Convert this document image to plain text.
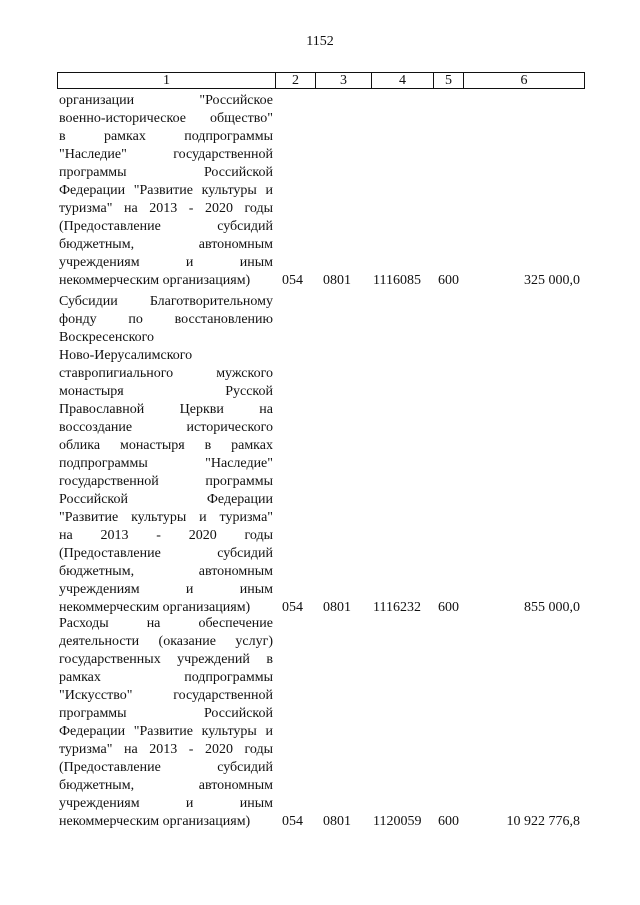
1152
1	2	3	4	5	6
организации "Российское
военно-историческое общество"
в рамках подпрограммы
"Наследие" государственной
программы Российской
Федерации "Развитие культуры и
туризма" на 2013 - 2020 годы
(Предоставление субсидий
бюджетным, автономным
учреждениям и иным
некоммерческим организациям)	054 0801 1116085 600	325 000,0
Субсидии Благотворительному
фонду по восстановлению
Воскресенского
Ново-Иерусалимского
ставропигиального мужского
монастыря Русской
Православной Церкви на
воссоздание исторического
облика монастыря в рамках
подпрограммы "Наследие"
государственной программы
Российской Федерации
"Развитие культуры и туризма"
на 2013 - 2020 годы
(Предоставление субсидий
бюджетным, автономным
учреждениям и иным
некоммерческим организациям)	054 0801 1116232 600	855 000,0
Расходы на обеспечение
деятельности (оказание услуг)
государственных учреждений в
рамках подпрограммы
"Искусство" государственной
программы Российской
Федерации "Развитие культуры и
туризма" на 2013 - 2020 годы
(Предоставление субсидий
бюджетным, автономным
учреждениям и иным
некоммерческим организациям)	054 0801 1120059 600	10 922 776,8
